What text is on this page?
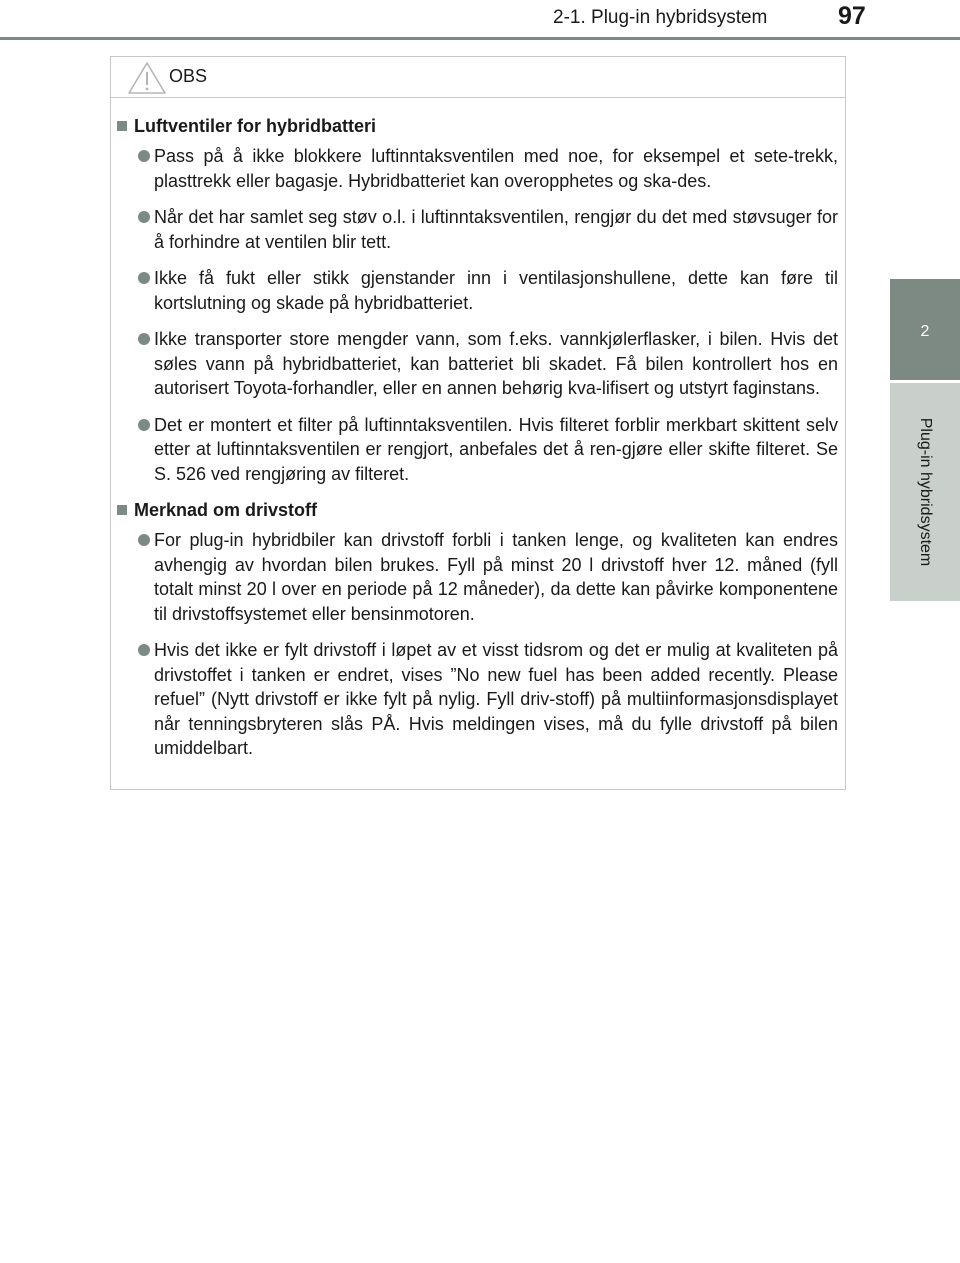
2-1. Plug-in hybridsystem	97
2
Plug-in hybridsystem
OBS
Luftventiler for hybridbatteri
Pass på å ikke blokkere luftinntaksventilen med noe, for eksempel et sete-trekk, plasttrekk eller bagasje. Hybridbatteriet kan overopphetes og ska-des.
Når det har samlet seg støv o.l. i luftinntaksventilen, rengjør du det med støvsuger for å forhindre at ventilen blir tett.
Ikke få fukt eller stikk gjenstander inn i ventilasjonshullene, dette kan føre til kortslutning og skade på hybridbatteriet.
Ikke transporter store mengder vann, som f.eks. vannkjølerflasker, i bilen. Hvis det søles vann på hybridbatteriet, kan batteriet bli skadet. Få bilen kontrollert hos en autorisert Toyota-forhandler, eller en annen behørig kva-lifisert og utstyrt faginstans.
Det er montert et filter på luftinntaksventilen. Hvis filteret forblir merkbart skittent selv etter at luftinntaksventilen er rengjort, anbefales det å ren-gjøre eller skifte filteret. Se S. 526 ved rengjøring av filteret.
Merknad om drivstoff
For plug-in hybridbiler kan drivstoff forbli i tanken lenge, og kvaliteten kan endres avhengig av hvordan bilen brukes. Fyll på minst 20 l drivstoff hver 12. måned (fyll totalt minst 20 l over en periode på 12 måneder), da dette kan påvirke komponentene til drivstoffsystemet eller bensinmotoren.
Hvis det ikke er fylt drivstoff i løpet av et visst tidsrom og det er mulig at kvaliteten på drivstoffet i tanken er endret, vises ”No new fuel has been added recently. Please refuel” (Nytt drivstoff er ikke fylt på nylig. Fyll driv-stoff) på multiinformasjonsdisplayet når tenningsbryteren slås PÅ. Hvis meldingen vises, må du fylle drivstoff på bilen umiddelbart.
